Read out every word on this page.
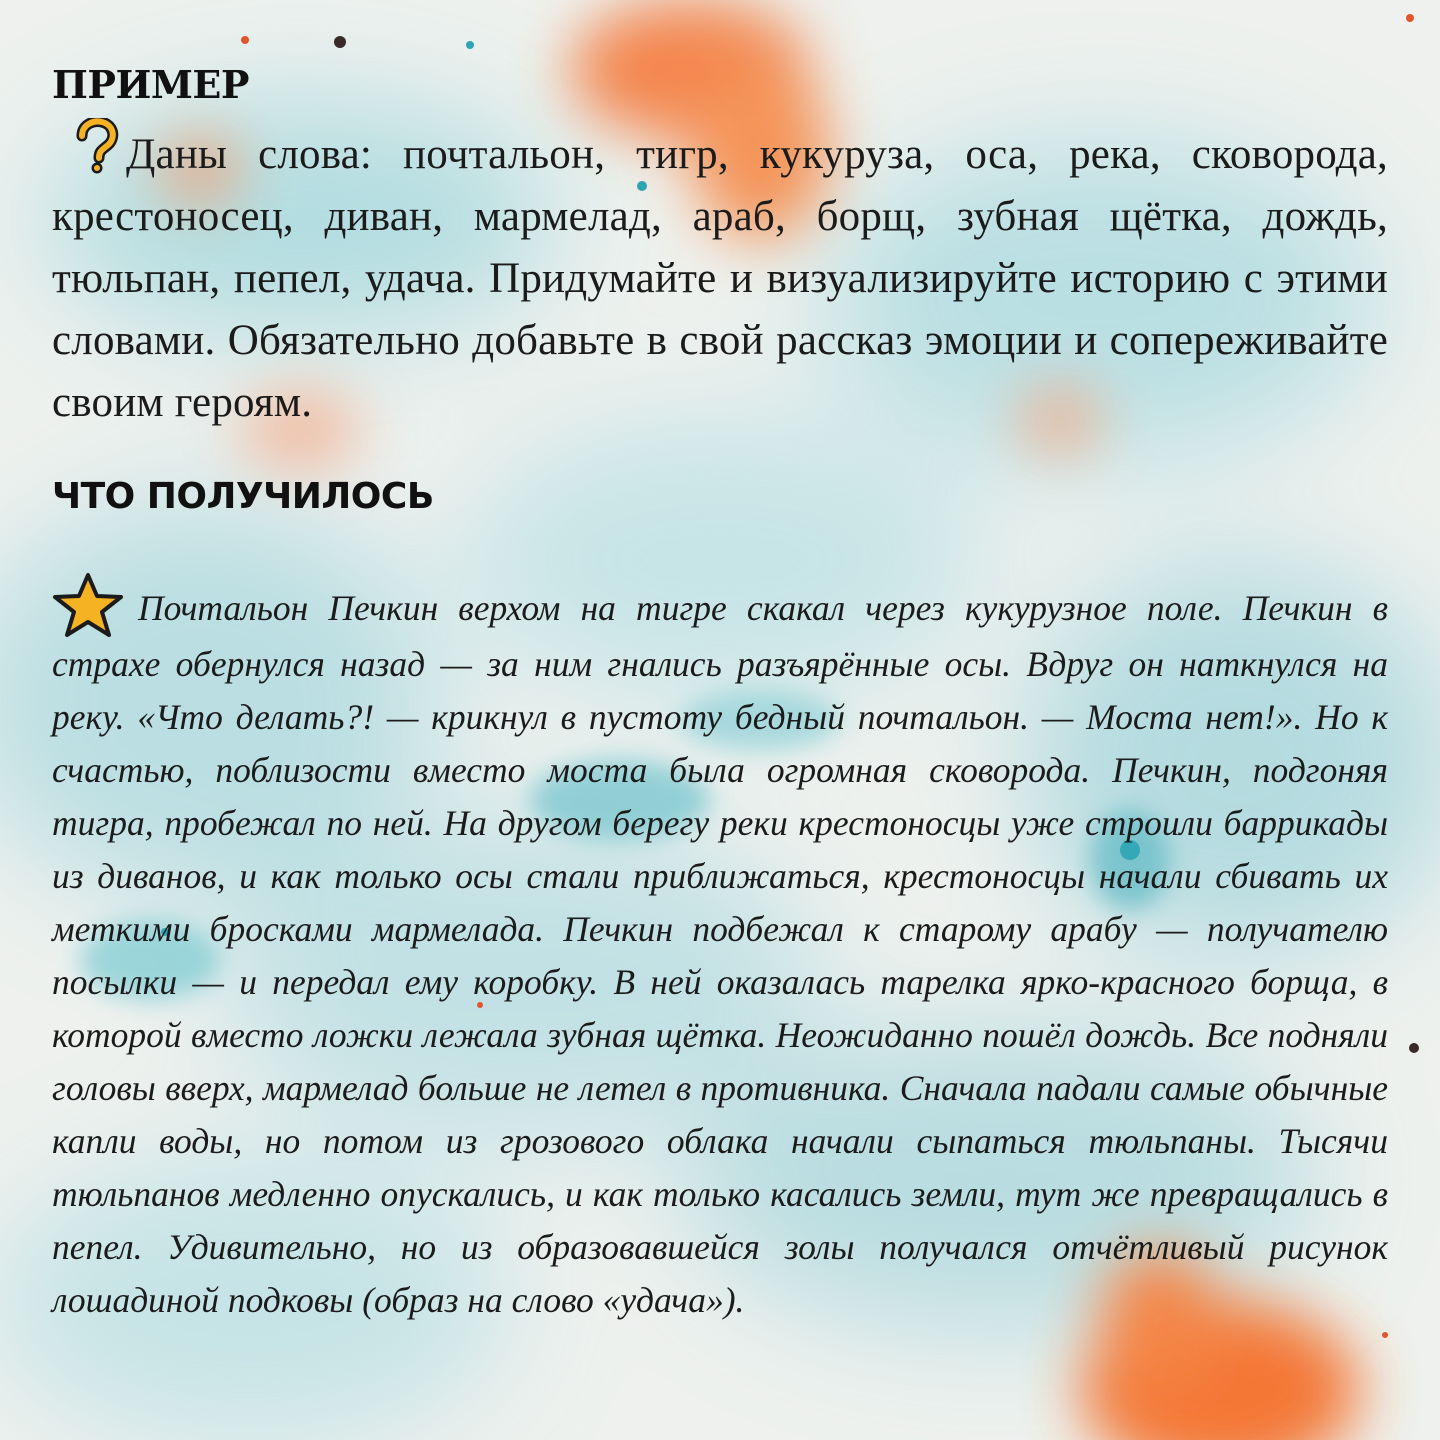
ПРИМЕР

Даны слова: почтальон, тигр, кукуруза, оса, река, сковорода, крестоносец, диван, мармелад, араб, борщ, зубная щётка, дождь, тюльпан, пепел, удача. Придумайте и визуализируйте историю с этими словами. Обязательно добавьте в свой рассказ эмоции и сопереживайте своим героям.

ЧТО ПОЛУЧИЛОСЬ

Почтальон Печкин верхом на тигре скакал через кукурузное поле. Печкин в страхе обернулся назад — за ним гнались разъярённые осы. Вдруг он наткнулся на реку. «Что делать?! — крикнул в пустоту бедный почтальон. — Моста нет!». Но к счастью, поблизости вместо моста была огромная сковорода. Печкин, подгоняя тигра, пробежал по ней. На другом берегу реки крестоносцы уже строили баррикады из диванов, и как только осы стали приближаться, крестоносцы начали сбивать их меткими бросками мармелада. Печкин подбежал к старому арабу — получателю посылки — и передал ему коробку. В ней оказалась тарелка ярко-красного борща, в которой вместо ложки лежала зубная щётка. Неожиданно пошёл дождь. Все подняли головы вверх, мармелад больше не летел в противника. Сначала падали самые обычные капли воды, но потом из грозового облака начали сыпаться тюльпаны. Тысячи тюльпанов медленно опускались, и как только касались земли, тут же превращались в пепел. Удивительно, но из образовавшейся золы получался отчётливый рисунок лошадиной подковы (образ на слово «удача»).
